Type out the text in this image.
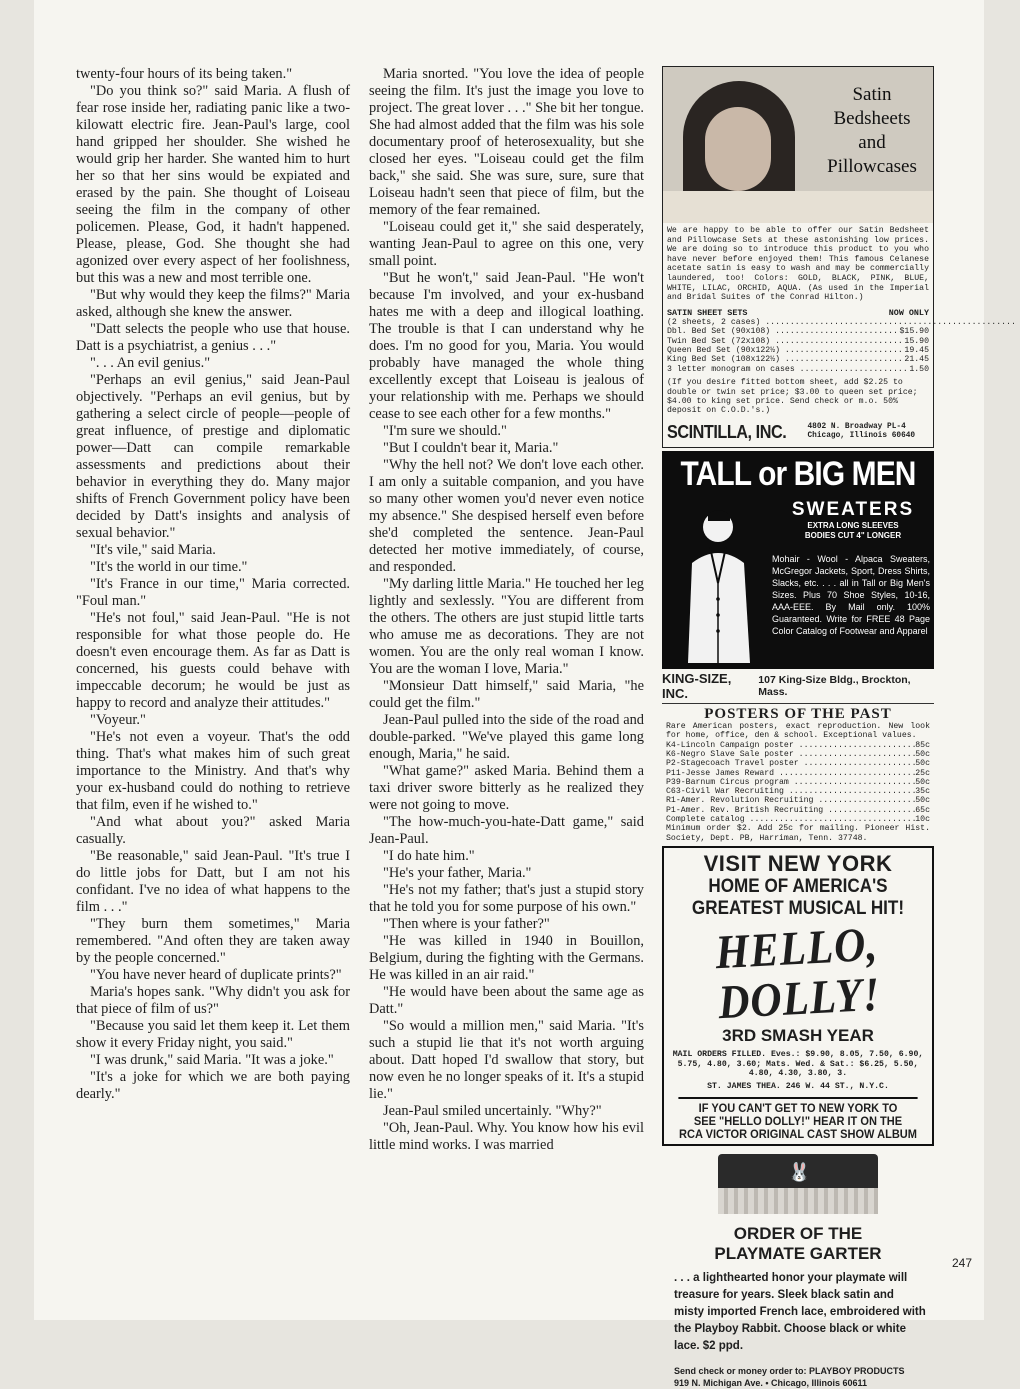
twenty-four hours of its being taken."

"Do you think so?" said Maria. A flush of fear rose inside her, radiating panic like a two-kilowatt electric fire. Jean-Paul's large, cool hand gripped her shoulder. She wished he would grip her harder. She wanted him to hurt her so that her sins would be expiated and erased by the pain. She thought of Loiseau seeing the film in the company of other policemen. Please, God, it hadn't happened. Please, please, God. She thought she had agonized over every aspect of her foolishness, but this was a new and most terrible one.

"But why would they keep the films?" Maria asked, although she knew the answer.

"Datt selects the people who use that house. Datt is a psychiatrist, a genius . . ."

". . . An evil genius."

"Perhaps an evil genius," said Jean-Paul objectively. "Perhaps an evil genius, but by gathering a select circle of people—people of great influence, of prestige and diplomatic power—Datt can compile remarkable assessments and predictions about their behavior in everything they do. Many major shifts of French Government policy have been decided by Datt's insights and analysis of sexual behavior."

"It's vile," said Maria.

"It's the world in our time."

"It's France in our time," Maria corrected. "Foul man."

"He's not foul," said Jean-Paul. "He is not responsible for what those people do. He doesn't even encourage them. As far as Datt is concerned, his guests could behave with impeccable decorum; he would be just as happy to record and analyze their attitudes."

"Voyeur."

"He's not even a voyeur. That's the odd thing. That's what makes him of such great importance to the Ministry. And that's why your ex-husband could do nothing to retrieve that film, even if he wished to."

"And what about you?" asked Maria casually.

"Be reasonable," said Jean-Paul. "It's true I do little jobs for Datt, but I am not his confidant. I've no idea of what happens to the film . . ."

"They burn them sometimes," Maria remembered. "And often they are taken away by the people concerned."

"You have never heard of duplicate prints?"

Maria's hopes sank. "Why didn't you ask for that piece of film of us?"

"Because you said let them keep it. Let them show it every Friday night, you said."

"I was drunk," said Maria. "It was a joke."

"It's a joke for which we are both paying dearly."

Maria snorted. "You love the idea of people seeing the film. It's just the image you love to project. The great lover . . ." She bit her tongue. She had almost added that the film was his sole documentary proof of heterosexuality, but she closed her eyes. "Loiseau could get the film back," she said. She was sure, sure, sure that Loiseau hadn't seen that piece of film, but the memory of the fear remained.

"Loiseau could get it," she said desperately, wanting Jean-Paul to agree on this one, very small point.

"But he won't," said Jean-Paul. "He won't because I'm involved, and your ex-husband hates me with a deep and illogical loathing. The trouble is that I can understand why he does. I'm no good for you, Maria. You would probably have managed the whole thing excellently except that Loiseau is jealous of your relationship with me. Perhaps we should cease to see each other for a few months."

"I'm sure we should."

"But I couldn't bear it, Maria."

"Why the hell not? We don't love each other. I am only a suitable companion, and you have so many other women you'd never even notice my absence." She despised herself even before she'd completed the sentence. Jean-Paul detected her motive immediately, of course, and responded.

"My darling little Maria." He touched her leg lightly and sexlessly. "You are different from the others. The others are just stupid little tarts who amuse me as decorations. They are not women. You are the only real woman I know. You are the woman I love, Maria."

"Monsieur Datt himself," said Maria, "he could get the film."

Jean-Paul pulled into the side of the road and double-parked. "We've played this game long enough, Maria," he said.

"What game?" asked Maria. Behind them a taxi driver swore bitterly as he realized they were not going to move.

"The how-much-you-hate-Datt game," said Jean-Paul.

"I do hate him."

"He's your father, Maria."

"He's not my father; that's just a stupid story that he told you for some purpose of his own."

"Then where is your father?"

"He was killed in 1940 in Bouillon, Belgium, during the fighting with the Germans. He was killed in an air raid."

"He would have been about the same age as Datt."

"So would a million men," said Maria. "It's such a stupid lie that it's not worth arguing about. Datt hoped I'd swallow that story, but now even he no longer speaks of it. It's a stupid lie."

Jean-Paul smiled uncertainly. "Why?"

"Oh, Jean-Paul. Why. You know how his evil little mind works. I was married

Satin
Bedsheets
and
Pillowcases
We are happy to be able to offer our Satin Bedsheet and Pillowcase Sets at these astonishing low prices. We are doing so to introduce this product to you who have never before enjoyed them! This famous Celanese acetate satin is easy to wash and may be commercially laundered, too! Colors: GOLD, BLACK, PINK, BLUE, WHITE, LILAC, ORCHID, AQUA. (As used in the Imperial and Bridal Suites of the Conrad Hilton.)
SATIN SHEET SETS	NOW ONLY
(2 sheets, 2 cases) .....
Dbl. Bed Set (90x108) .....	$15.90
Twin Bed Set (72x108) .....	15.90
Queen Bed Set (90x122½) .....	19.45
King Bed Set (108x122½) .....	21.45
3 letter monogram on cases .....	1.50
(If you desire fitted bottom sheet, add $2.25 to double or twin set price; $3.00 to queen set price; $4.00 to king set price. Send check or m.o. 50% deposit on C.O.D.'s.)
SCINTILLA, INC.	4802 N. Broadway PL-4
Chicago, Illinois 60640
TALL or BIG MEN
SWEATERS
EXTRA LONG SLEEVES
BODIES CUT 4" LONGER
Mohair - Wool - Alpaca Sweaters, McGregor Jackets, Sport, Dress Shirts, Slacks, etc. . . . all in Tall or Big Men's Sizes. Plus 70 Shoe Styles, 10-16, AAA-EEE. By Mail only. 100% Guaranteed. Write for FREE 48 Page Color Catalog of Footwear and Apparel
KING-SIZE, INC.
107 King-Size Bldg., Brockton, Mass.
POSTERS OF THE PAST
Rare American posters, exact reproduction. New look for home, office, den & school. Exceptional values.
K4-Lincoln Campaign poster .....	85c
K6-Negro Slave Sale poster .....	50c
P2-Stagecoach Travel poster .....	50c
P11-Jesse James Reward .....	25c
P39-Barnum Circus program .....	50c
C63-Civil War Recruiting .....	35c
R1-Amer. Revolution Recruiting .....	50c
P1-Amer. Rev. British Recruiting .....	65c
Complete catalog .....	10c
Minimum order $2. Add 25c for mailing. Pioneer Hist. Society, Dept. PB, Harriman, Tenn. 37748.
VISIT NEW YORK
HOME OF AMERICA'S
GREATEST MUSICAL HIT!
HELLO, DOLLY!
3RD SMASH YEAR
MAIL ORDERS FILLED. Eves.: $9.90, 8.05, 7.50, 6.90, 5.75, 4.80, 3.60; Mats. Wed. & Sat.: $6.25, 5.50, 4.80, 4.30, 3.80, 3.
ST. JAMES THEA. 246 W. 44 ST., N.Y.C.
IF YOU CAN'T GET TO NEW YORK TO
SEE "HELLO DOLLY!" HEAR IT ON THE
RCA VICTOR ORIGINAL CAST SHOW ALBUM
🐰
ORDER OF THE
PLAYMATE GARTER
. . . a lighthearted honor your playmate will treasure for years. Sleek black satin and misty imported French lace, embroidered with the Playboy Rabbit. Choose black or white lace. $2 ppd.
Send check or money order to: PLAYBOY PRODUCTS
919 N. Michigan Ave. • Chicago, Illinois 60611
247
